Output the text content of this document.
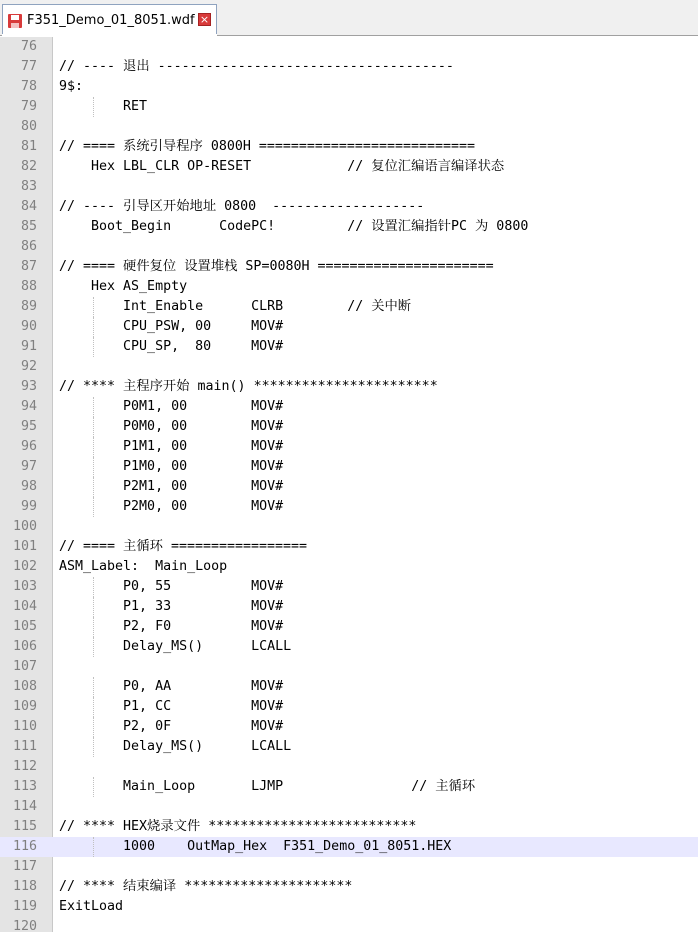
F351_Demo_01_8051.wdf ×
76
77 // ---- 退出 -------------------------------------
78 9$:
79 RET
80
81 // ==== 系统引导程序 0800H ===========================
82 Hex LBL_CLR OP-RESET            // 复位汇编语言编译状态
83
84 // ---- 引导区开始地址 0800  -------------------
85 Boot_Begin      CodePC!         // 设置汇编指针PC 为 0800
86
87 // ==== 硬件复位 设置堆栈 SP=0080H ======================
88 Hex AS_Empty
89 Int_Enable      CLRB        // 关中断
90 CPU_PSW, 00     MOV#
91 CPU_SP,  80     MOV#
92
93 // **** 主程序开始 main() ***********************
94 P0M1, 00        MOV#
95 P0M0, 00        MOV#
96 P1M1, 00        MOV#
97 P1M0, 00        MOV#
98 P2M1, 00        MOV#
99 P2M0, 00        MOV#
100
101 // ==== 主循环 =================
102 ASM_Label:  Main_Loop
103 P0, 55          MOV#
104 P1, 33          MOV#
105 P2, F0          MOV#
106 Delay_MS()      LCALL
107
108 P0, AA          MOV#
109 P1, CC          MOV#
110 P2, 0F          MOV#
111 Delay_MS()      LCALL
112
113 Main_Loop       LJMP                // 主循环
114
115 // **** HEX烧录文件 **************************
116 1000    OutMap_Hex  F351_Demo_01_8051.HEX
117
118 // **** 结束编译 *********************
119 ExitLoad
120
